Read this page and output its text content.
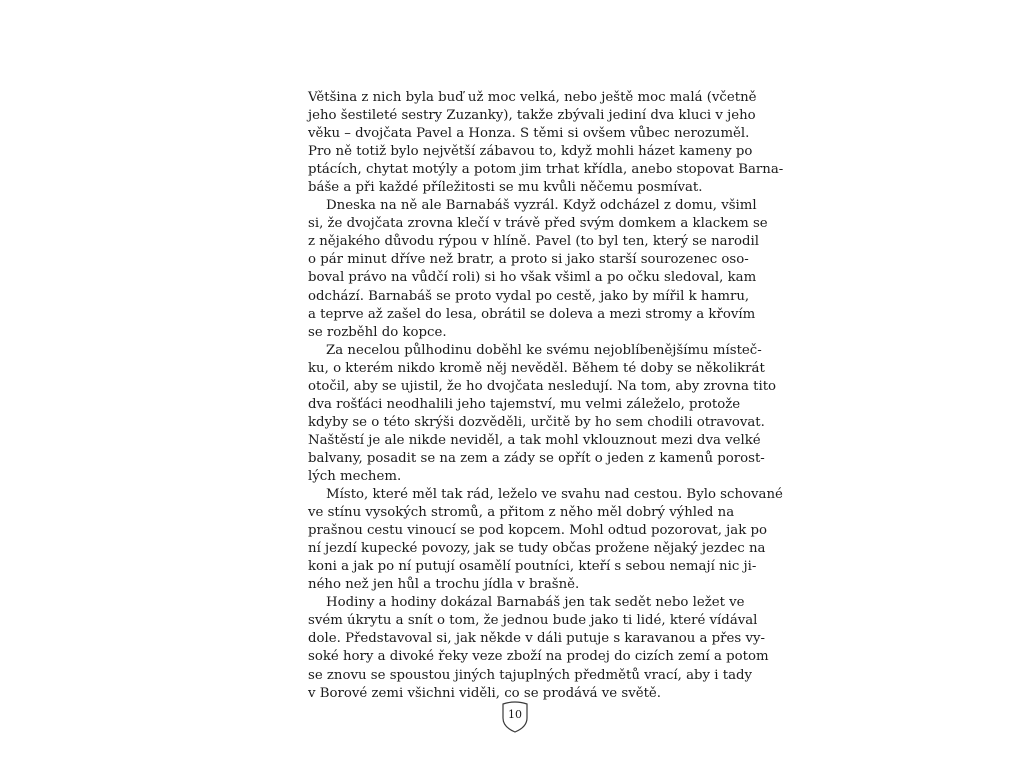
Většina z nich byla buď už moc velká, nebo ještě moc malá (včetně
jeho šestileté sestry Zuzanky), takže zbývali jediní dva kluci v jeho
věku – dvojčata Pavel a Honza. S těmi si ovšem vůbec nerozuměl.
Pro ně totiž bylo největší zábavou to, když mohli házet kameny po
ptácích, chytat motýly a potom jim trhat křídla, anebo stopovat Barna-
báše a při každé příležitosti se mu kvůli něčemu posmívat.
Dneska na ně ale Barnabáš vyzrál. Když odcházel z domu, všiml
si, že dvojčata zrovna klečí v trávě před svým domkem a klackem se
z nějakého důvodu rýpou v hlíně. Pavel (to byl ten, který se narodil
o pár minut dříve než bratr, a proto si jako starší sourozenec oso-
boval právo na vůdčí roli) si ho však všiml a po očku sledoval, kam
odchází. Barnabáš se proto vydal po cestě, jako by mířil k hamru,
a teprve až zašel do lesa, obrátil se doleva a mezi stromy a křovím
se rozběhl do kopce.
Za necelou půlhodinu doběhl ke svému nejoblíbenějšímu místeč-
ku, o kterém nikdo kromě něj nevěděl. Během té doby se několikrát
otočil, aby se ujistil, že ho dvojčata nesledují. Na tom, aby zrovna tito
dva rošťáci neodhalili jeho tajemství, mu velmi záleželo, protože
kdyby se o této skrýši dozvěděli, určitě by ho sem chodili otravovat.
Naštěstí je ale nikde neviděl, a tak mohl vklouznout mezi dva velké
balvany, posadit se na zem a zády se opřít o jeden z kamenů porost-
lých mechem.
Místo, které měl tak rád, leželo ve svahu nad cestou. Bylo schované
ve stínu vysokých stromů, a přitom z něho měl dobrý výhled na
prašnou cestu vinoucí se pod kopcem. Mohl odtud pozorovat, jak po
ní jezdí kupecké povozy, jak se tudy občas prožene nějaký jezdec na
koni a jak po ní putují osamělí poutníci, kteří s sebou nemají nic ji-
ného než jen hůl a trochu jídla v brašně.
Hodiny a hodiny dokázal Barnabáš jen tak sedět nebo ležet ve
svém úkrytu a snít o tom, že jednou bude jako ti lidé, které vídával
dole. Představoval si, jak někde v dáli putuje s karavanou a přes vy-
soké hory a divoké řeky veze zboží na prodej do cizích zemí a potom
se znovu se spoustou jiných tajuplných předmětů vrací, aby i tady
v Borové zemi všichni viděli, co se prodává ve světě.
10
